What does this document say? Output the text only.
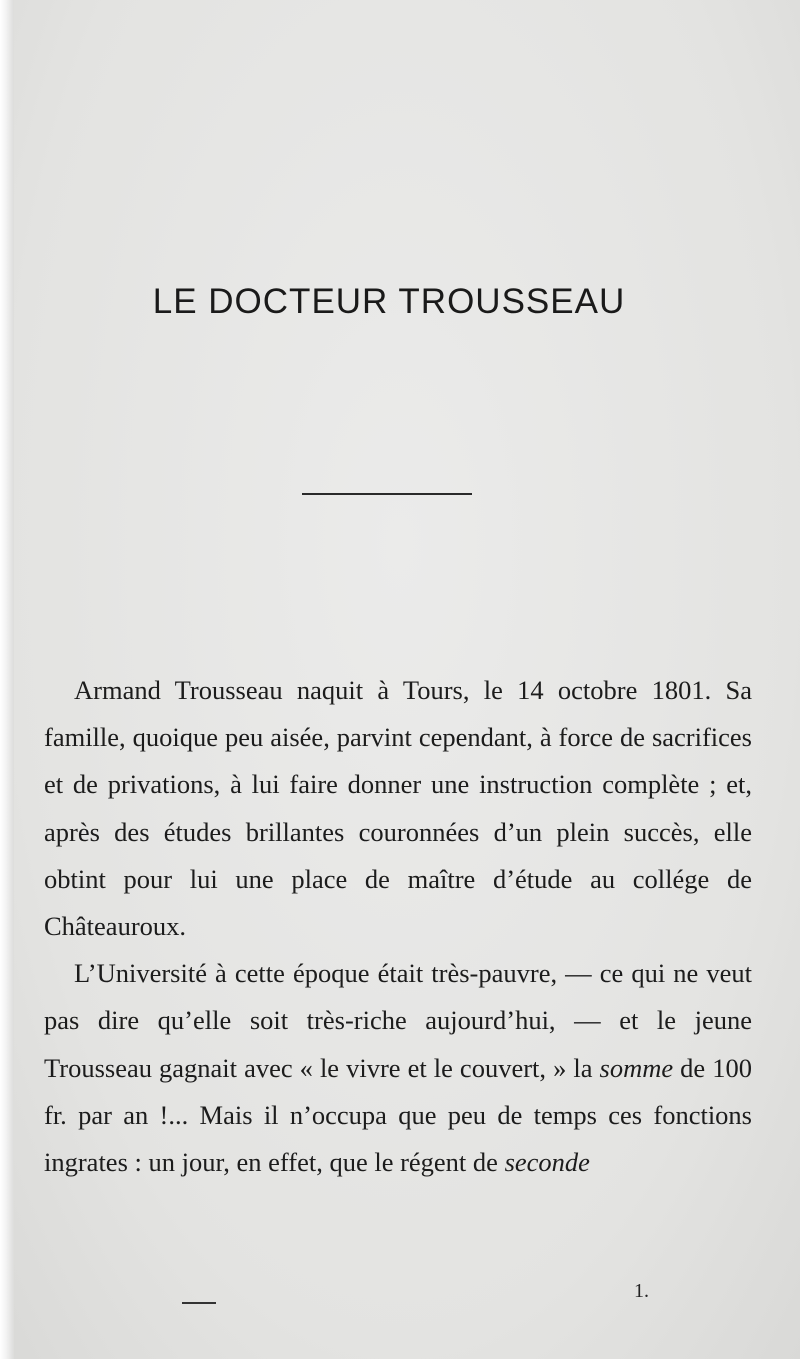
LE DOCTEUR TROUSSEAU

Armand Trousseau naquit à Tours, le 14 octobre 1801. Sa famille, quoique peu aisée, parvint cependant, à force de sacrifices et de privations, à lui faire donner une instruction complète ; et, après des études brillantes couronnées d’un plein succès, elle obtint pour lui une place de maître d’étude au collége de Châteauroux.

L’Université à cette époque était très-pauvre, — ce qui ne veut pas dire qu’elle soit très-riche aujourd’hui, — et le jeune Trousseau gagnait avec « le vivre et le couvert, » la somme de 100 fr. par an !... Mais il n’occupa que peu de temps ces fonctions ingrates : un jour, en effet, que le régent de seconde

1.
